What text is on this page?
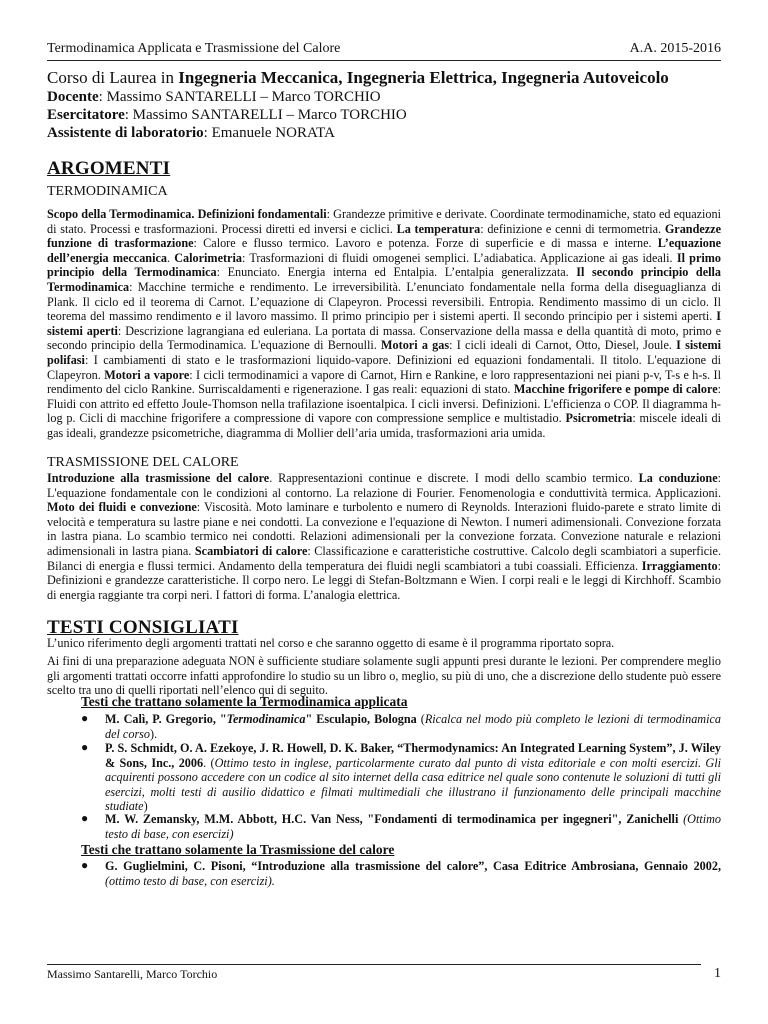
Termodinamica Applicata e Trasmissione del Calore	A.A. 2015-2016
Corso di Laurea in Ingegneria Meccanica, Ingegneria Elettrica, Ingegneria Autoveicolo
Docente: Massimo SANTARELLI – Marco TORCHIO
Esercitatore: Massimo SANTARELLI – Marco TORCHIO
Assistente di laboratorio: Emanuele NORATA
ARGOMENTI
TERMODINAMICA
Scopo della Termodinamica. Definizioni fondamentali: Grandezze primitive e derivate. Coordinate termodinamiche, stato ed equazioni di stato. Processi e trasformazioni. Processi diretti ed inversi e ciclici. La temperatura: definizione e cenni di termometria. Grandezze funzione di trasformazione: Calore e flusso termico. Lavoro e potenza. Forze di superficie e di massa e interne. L’equazione dell’energia meccanica. Calorimetria: Trasformazioni di fluidi omogenei semplici. L’adiabatica. Applicazione ai gas ideali. Il primo principio della Termodinamica: Enunciato. Energia interna ed Entalpia. L’entalpia generalizzata. Il secondo principio della Termodinamica: Macchine termiche e rendimento. Le irreversibilità. L’enunciato fondamentale nella forma della diseguaglianza di Plank. Il ciclo ed il teorema di Carnot. L’equazione di Clapeyron. Processi reversibili. Entropia. Rendimento massimo di un ciclo. Il teorema del massimo rendimento e il lavoro massimo. Il primo principio per i sistemi aperti. Il secondo principio per i sistemi aperti. I sistemi aperti: Descrizione lagrangiana ed euleriana. La portata di massa. Conservazione della massa e della quantità di moto, primo e secondo principio della Termodinamica. L'equazione di Bernoulli. Motori a gas: I cicli ideali di Carnot, Otto, Diesel, Joule. I sistemi polifasi: I cambiamenti di stato e le trasformazioni liquido-vapore. Definizioni ed equazioni fondamentali. Il titolo. L'equazione di Clapeyron. Motori a vapore: I cicli termodinamici a vapore di Carnot, Hirn e Rankine, e loro rappresentazioni nei piani p-v, T-s e h-s. Il rendimento del ciclo Rankine. Surriscaldamenti e rigenerazione. I gas reali: equazioni di stato. Macchine frigorifere e pompe di calore: Fluidi con attrito ed effetto Joule-Thomson nella trafilazione isoentalpica. I cicli inversi. Definizioni. L'efficienza o COP. Il diagramma h-log p. Cicli di macchine frigorifere a compressione di vapore con compressione semplice e multistadio. Psicrometria: miscele ideali di gas ideali, grandezze psicometriche, diagramma di Mollier dell’aria umida, trasformazioni aria umida.
TRASMISSIONE DEL CALORE
Introduzione alla trasmissione del calore. Rappresentazioni continue e discrete. I modi dello scambio termico. La conduzione: L'equazione fondamentale con le condizioni al contorno. La relazione di Fourier. Fenomenologia e conduttività termica. Applicazioni. Moto dei fluidi e convezione: Viscosità. Moto laminare e turbolento e numero di Reynolds. Interazioni fluido-parete e strato limite di velocità e temperatura su lastre piane e nei condotti. La convezione e l'equazione di Newton. I numeri adimensionali. Convezione forzata in lastra piana. Lo scambio termico nei condotti. Relazioni adimensionali per la convezione forzata. Convezione naturale e relazioni adimensionali in lastra piana. Scambiatori di calore: Classificazione e caratteristiche costruttive. Calcolo degli scambiatori a superficie. Bilanci di energia e flussi termici. Andamento della temperatura dei fluidi negli scambiatori a tubi coassiali. Efficienza. Irraggiamento: Definizioni e grandezze caratteristiche. Il corpo nero. Le leggi di Stefan-Boltzmann e Wien. I corpi reali e le leggi di Kirchhoff. Scambio di energia raggiante tra corpi neri. I fattori di forma. L’analogia elettrica.
TESTI CONSIGLIATI
L’unico riferimento degli argomenti trattati nel corso e che saranno oggetto di esame è il programma riportato sopra.
Ai fini di una preparazione adeguata NON è sufficiente studiare solamente sugli appunti presi durante le lezioni. Per comprendere meglio gli argomenti trattati occorre infatti approfondire lo studio su un libro o, meglio, su più di uno, che a discrezione dello studente può essere scelto tra uno di quelli riportati nell’elenco qui di seguito.
Testi che trattano solamente la Termodinamica applicata
● M. Calì, P. Gregorio, "Termodinamica" Esculapio, Bologna (Ricalca nel modo più completo le lezioni di termodinamica del corso).
● P. S. Schmidt, O. A. Ezekoye, J. R. Howell, D. K. Baker, “Thermodynamics: An Integrated Learning System”, J. Wiley & Sons, Inc., 2006. (Ottimo testo in inglese, particolarmente curato dal punto di vista editoriale e con molti esercizi. Gli acquirenti possono accedere con un codice al sito internet della casa editrice nel quale sono contenute le soluzioni di tutti gli esercizi, molti testi di ausilio didattico e filmati multimediali che illustrano il funzionamento delle principali macchine studiate)
● M. W. Zemansky, M.M. Abbott, H.C. Van Ness, "Fondamenti di termodinamica per ingegneri", Zanichelli (Ottimo testo di base, con esercizi)
Testi che trattano solamente la Trasmissione del calore
● G. Guglielmini, C. Pisoni, “Introduzione alla trasmissione del calore”, Casa Editrice Ambrosiana, Gennaio 2002, (ottimo testo di base, con esercizi).
Massimo Santarelli, Marco Torchio	1
